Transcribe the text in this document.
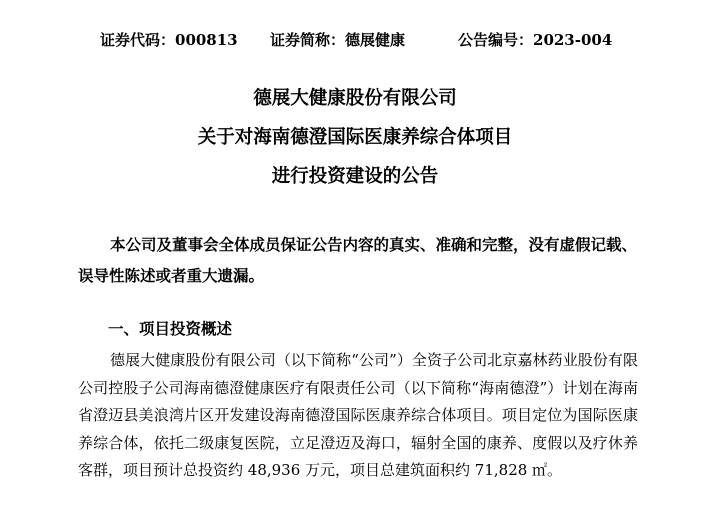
证券代码：000813 证券简称：德展健康	公告编号：2023-004
德展大健康股份有限公司
关于对海南德澄国际医康养综合体项目
进行投资建设的公告
本公司及董事会全体成员保证公告内容的真实、准确和完整，没有虚假记载、误导性陈述或者重大遗漏。
一、项目投资概述
德展大健康股份有限公司（以下简称“公司”）全资子公司北京嘉林药业股份有限公司控股子公司海南德澄健康医疗有限责任公司（以下简称“海南德澄”）计划在海南省澄迈县美浪湾片区开发建设海南德澄国际医康养综合体项目。项目定位为国际医康养综合体，依托二级康复医院，立足澄迈及海口，辐射全国的康养、度假以及疗休养客群，项目预计总投资约 48,936 万元，项目总建筑面积约 71,828 ㎡。
